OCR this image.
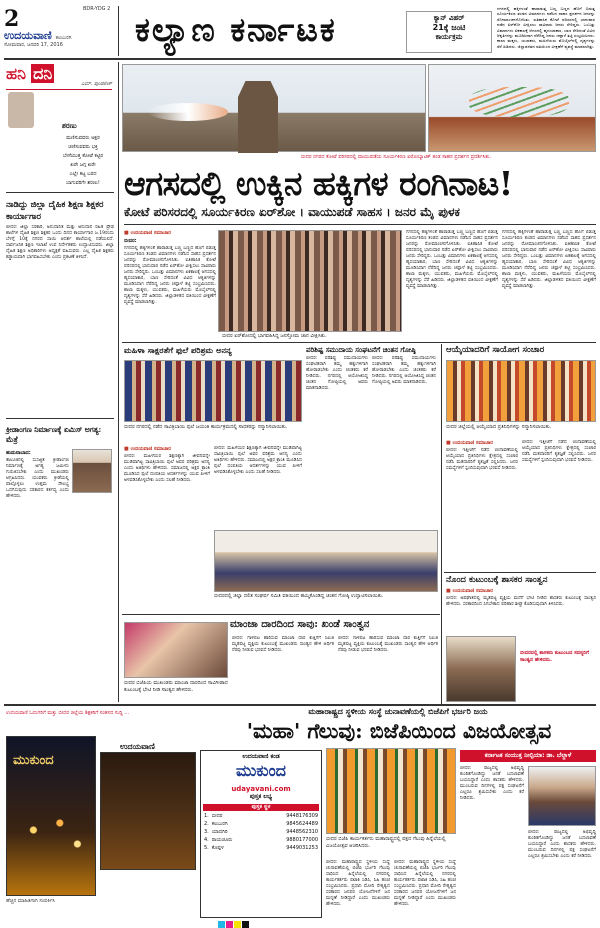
2	BDR-YDG 2
ಉದಯವಾಣಿ ಕಲಬುರಗಿ
ಸೋಮವಾರ, ಜನವರಿ 17, 2016 ಕಲ್ಯಾಣ ಕರ್ನಾಟಕ	ಕ್ಯಾನ್ ವಿಹರ್
21ಕ್ಕೆ ಜಂಟಿ
ಕಾರ್ಯಕ್ರಮ
ಗಗನದಲ್ಲಿ ಹಕ್ಕಿಗಳಂತೆ ಹಾರಾಡುತ್ತ ಬಣ್ಣ ಬಣ್ಣದ ಹೊಗೆ ಬಿಡುತ್ತ ಸೂರ್ಯಕಿರಣ ತಂಡದ ವಿಮಾನಗಳು ನಡೆಸಿದ ಸಾಹಸ ಪ್ರದರ್ಶನ ಜನರನ್ನು ರೋಮಾಂಚನಗೊಳಿಸಿತು. ಐತಿಹಾಸಿಕ ಕೋಟೆ ಪರಿಸರದಲ್ಲಿ ಭಾನುವಾರ ನಡೆದ ಏರ್‌ಶೋ ವೀಕ್ಷಿಸಲು ಸಾವಿರಾರು ಜನರು ಸೇರಿದ್ದರು. ಒಂಬತ್ತು ವಿಮಾನಗಳು ಏಕಕಾಲಕ್ಕೆ ಆಗಸದಲ್ಲಿ ಹೃದಯಾಕಾರ, ಬಾಣ ಸೇರಿದಂತೆ ವಿವಿಧ ಆಕೃತಿಗಳನ್ನು ಮೂಡಿಸಿದಾಗ ನೆರೆದಿದ್ದ ಜನರು ಚಪ್ಪಾಳೆ ತಟ್ಟಿ ಸಂಭ್ರಮಿಸಿದರು. ಶಾಲಾ ಮಕ್ಕಳು, ಯುವಕರು, ಮಹಿಳೆಯರು ಮೊಬೈಲ್‌ನಲ್ಲಿ ದೃಶ್ಯಗಳನ್ನು ಸೆರೆ ಹಿಡಿದರು. ಜಿಲ್ಲಾಡಳಿತದ ವತಿಯಿಂದ ವೀಕ್ಷಣೆಗೆ ವ್ಯವಸ್ಥೆ ಮಾಡಲಾಗಿತ್ತು.
ಹನಿ ದನಿ
ಎಮ್. ಪುಂಡಲೀಕ್
ಶರಣು
ಮಣಿಸುವವರು ಅಕ್ಷರ
ಚಣಿಸುವವರು ಭಕ್ತಿ
ಬೇಸೆಯುತ್ತ ಕೋಟೆ ಕಟ್ಟಿರ
ಖರೇ ಜಗ್ಗ ಖರೇ
ಎಲ್ಲೇ ಕಟ್ಟ ಬರದ
ಬಾಗುವರಿಗೇ ಶರಣು!
ನಾಡಿದ್ದು ಜಿಲ್ಲಾ ದೈಹಿಕ ಶಿಕ್ಷಣ ಶಿಕ್ಷಕರ ಕಾರ್ಯಾಗಾರ
ಬೀದರ: ಜಿಲ್ಲಾ ಸರಕಾರಿ, ಅನುದಾನಿತ ಮತ್ತು ಅನುದಾನ ರಹಿತ ಪ್ರೌಢ ಶಾಲೆಗಳ ದೈಹಿಕ ಶಿಕ್ಷಣ ಶಿಕ್ಷಕರ ಒಂದು ದಿನದ ಕಾರ್ಯಾಗಾರ ಜ.19ರಂದು ಬೆಳಗ್ಗೆ 10ಕ್ಕೆ ನಗರದ ಸಾಯಿ ಆದರ್ಶ ಶಾಲೆಯಲ್ಲಿ ನಡೆಯಲಿದೆ. ಸಾರ್ವಜನಿಕ ಶಿಕ್ಷಣ ಇಲಾಖೆ ಉಪ ನಿರ್ದೇಶಕರು ಉದ್ಘಾಟಿಸುವರು. ಜಿಲ್ಲಾ ದೈಹಿಕ ಶಿಕ್ಷಣ ಅಧಿಕಾರಿಗಳು ಅಧ್ಯಕ್ಷತೆ ವಹಿಸುವರು. ಎಲ್ಲ ದೈಹಿಕ ಶಿಕ್ಷಕರು ಕಡ್ಡಾಯವಾಗಿ ಭಾಗವಹಿಸಬೇಕು ಎಂದು ಪ್ರಕಟಣೆ ತಿಳಿಸಿದೆ.
ಕ್ರೀಡಾಂಗಣ ನಿರ್ಮಾಣಕ್ಕೆ ಏಮಿಸ್ ಅಗತ್ಯ: ಮೆತ್ರೆ
ಹುಮನಾಬಾದ:
ತಾಲೂಕಿನಲ್ಲಿ ಸುಸಜ್ಜಿತ ಕ್ರೀಡಾಂಗಣ ನಿರ್ಮಾಣಕ್ಕೆ ಅಗತ್ಯ ಜಮೀನು ಗುರುತಿಸಬೇಕು ಎಂದು ಮುಖಂಡರು ಆಗ್ರಹಿಸಿದರು. ಯುವಕರು ಕ್ರೀಡೆಯಲ್ಲಿ ಪಾಲ್ಗೊಳ್ಳಲು ಉತ್ತಮ ಸೌಲಭ್ಯ ಒದಗಿಸುವುದು ಸರಕಾರದ ಕರ್ತವ್ಯ ಎಂದು ಹೇಳಿದರು.
ಉದಯವಾಣಿ ಓದುಗರಿಗೆ ಮತ್ತು ಬೀದರ ಜಿಲ್ಲೆಯ ಶಿಕ್ಷಕರಿಗೆ ಸಂತಸದ ಸುದ್ದಿ ...
ಮುಕುಂದ
ಉದಯವಾಣಿ
ಹೆಚ್ಚಿನ ಮಾಹಿತಿಗಾಗಿ ಸಂಪರ್ಕಿಸಿ
ಬೀದರ ನಗರದ ಕೋಟೆ ಪರಿಸರದಲ್ಲಿ ವಾಯುಪಡೆಯ ಸೂರ್ಯಕಿರಣ ಏರೋಬ್ಯಾಟಿಕ್ ತಂಡ ಸಾಹಸ ಪ್ರದರ್ಶನ ಪ್ರದರ್ಶಿಸಿತು.
ಆಗಸದಲ್ಲಿ ಉಕ್ಕಿನ ಹಕ್ಕಿಗಳ ರಂಗಿನಾಟ!
ಕೋಟೆ ಪರಿಸರದಲ್ಲಿ ಸೂರ್ಯಕಿರಣ ಏರ್‌ಶೋ । ವಾಯುಪಡೆ ಸಾಹಸ । ಜನರ ಮೈ ಪುಳಕ
■ ಉದಯವಾಣಿ ಸಮಾಚಾರ
ಬೀದರ:
ಗಗನದಲ್ಲಿ ಹಕ್ಕಿಗಳಂತೆ ಹಾರಾಡುತ್ತ ಬಣ್ಣ ಬಣ್ಣದ ಹೊಗೆ ಬಿಡುತ್ತ ಸೂರ್ಯಕಿರಣ ತಂಡದ ವಿಮಾನಗಳು ನಡೆಸಿದ ಸಾಹಸ ಪ್ರದರ್ಶನ ಜನರನ್ನು ರೋಮಾಂಚನಗೊಳಿಸಿತು. ಐತಿಹಾಸಿಕ ಕೋಟೆ ಪರಿಸರದಲ್ಲಿ ಭಾನುವಾರ ನಡೆದ ಏರ್‌ಶೋ ವೀಕ್ಷಿಸಲು ಸಾವಿರಾರು ಜನರು ಸೇರಿದ್ದರು. ಒಂಬತ್ತು ವಿಮಾನಗಳು ಏಕಕಾಲಕ್ಕೆ ಆಗಸದಲ್ಲಿ ಹೃದಯಾಕಾರ, ಬಾಣ ಸೇರಿದಂತೆ ವಿವಿಧ ಆಕೃತಿಗಳನ್ನು ಮೂಡಿಸಿದಾಗ ನೆರೆದಿದ್ದ ಜನರು ಚಪ್ಪಾಳೆ ತಟ್ಟಿ ಸಂಭ್ರಮಿಸಿದರು. ಶಾಲಾ ಮಕ್ಕಳು, ಯುವಕರು, ಮಹಿಳೆಯರು ಮೊಬೈಲ್‌ನಲ್ಲಿ ದೃಶ್ಯಗಳನ್ನು ಸೆರೆ ಹಿಡಿದರು. ಜಿಲ್ಲಾಡಳಿತದ ವತಿಯಿಂದ ವೀಕ್ಷಣೆಗೆ ವ್ಯವಸ್ಥೆ ಮಾಡಲಾಗಿತ್ತು.
ಬೀದರ ಏರ್‌ಶೋದಲ್ಲಿ ಭಾಗವಹಿಸಿದ್ದ ಜನಸ್ತೋಮ ಚಾನ ವೀಕ್ಷಿಸಿತು.
ಗಗನದಲ್ಲಿ ಹಕ್ಕಿಗಳಂತೆ ಹಾರಾಡುತ್ತ ಬಣ್ಣ ಬಣ್ಣದ ಹೊಗೆ ಬಿಡುತ್ತ ಸೂರ್ಯಕಿರಣ ತಂಡದ ವಿಮಾನಗಳು ನಡೆಸಿದ ಸಾಹಸ ಪ್ರದರ್ಶನ ಜನರನ್ನು ರೋಮಾಂಚನಗೊಳಿಸಿತು. ಐತಿಹಾಸಿಕ ಕೋಟೆ ಪರಿಸರದಲ್ಲಿ ಭಾನುವಾರ ನಡೆದ ಏರ್‌ಶೋ ವೀಕ್ಷಿಸಲು ಸಾವಿರಾರು ಜನರು ಸೇರಿದ್ದರು. ಒಂಬತ್ತು ವಿಮಾನಗಳು ಏಕಕಾಲಕ್ಕೆ ಆಗಸದಲ್ಲಿ ಹೃದಯಾಕಾರ, ಬಾಣ ಸೇರಿದಂತೆ ವಿವಿಧ ಆಕೃತಿಗಳನ್ನು ಮೂಡಿಸಿದಾಗ ನೆರೆದಿದ್ದ ಜನರು ಚಪ್ಪಾಳೆ ತಟ್ಟಿ ಸಂಭ್ರಮಿಸಿದರು. ಶಾಲಾ ಮಕ್ಕಳು, ಯುವಕರು, ಮಹಿಳೆಯರು ಮೊಬೈಲ್‌ನಲ್ಲಿ ದೃಶ್ಯಗಳನ್ನು ಸೆರೆ ಹಿಡಿದರು. ಜಿಲ್ಲಾಡಳಿತದ ವತಿಯಿಂದ ವೀಕ್ಷಣೆಗೆ ವ್ಯವಸ್ಥೆ ಮಾಡಲಾಗಿತ್ತು.
ಗಗನದಲ್ಲಿ ಹಕ್ಕಿಗಳಂತೆ ಹಾರಾಡುತ್ತ ಬಣ್ಣ ಬಣ್ಣದ ಹೊಗೆ ಬಿಡುತ್ತ ಸೂರ್ಯಕಿರಣ ತಂಡದ ವಿಮಾನಗಳು ನಡೆಸಿದ ಸಾಹಸ ಪ್ರದರ್ಶನ ಜನರನ್ನು ರೋಮಾಂಚನಗೊಳಿಸಿತು. ಐತಿಹಾಸಿಕ ಕೋಟೆ ಪರಿಸರದಲ್ಲಿ ಭಾನುವಾರ ನಡೆದ ಏರ್‌ಶೋ ವೀಕ್ಷಿಸಲು ಸಾವಿರಾರು ಜನರು ಸೇರಿದ್ದರು. ಒಂಬತ್ತು ವಿಮಾನಗಳು ಏಕಕಾಲಕ್ಕೆ ಆಗಸದಲ್ಲಿ ಹೃದಯಾಕಾರ, ಬಾಣ ಸೇರಿದಂತೆ ವಿವಿಧ ಆಕೃತಿಗಳನ್ನು ಮೂಡಿಸಿದಾಗ ನೆರೆದಿದ್ದ ಜನರು ಚಪ್ಪಾಳೆ ತಟ್ಟಿ ಸಂಭ್ರಮಿಸಿದರು. ಶಾಲಾ ಮಕ್ಕಳು, ಯುವಕರು, ಮಹಿಳೆಯರು ಮೊಬೈಲ್‌ನಲ್ಲಿ ದೃಶ್ಯಗಳನ್ನು ಸೆರೆ ಹಿಡಿದರು. ಜಿಲ್ಲಾಡಳಿತದ ವತಿಯಿಂದ ವೀಕ್ಷಣೆಗೆ ವ್ಯವಸ್ಥೆ ಮಾಡಲಾಗಿತ್ತು.
ಮಹಿಳಾ ಸಾಕ್ಷರತೆಗೆ ಫುಲೆ ಪರಿಶ್ರಮ ಅನನ್ಯ
ಬೀದರ ನಗರದಲ್ಲಿ ನಡೆದ ಸಾವಿತ್ರಿಬಾಯಿ ಫುಲೆ ಜಯಂತಿ ಕಾರ್ಯಕ್ರಮದಲ್ಲಿ ಸಾಧಕರನ್ನು ಸನ್ಮಾನಿಸಲಾಯಿತು.
■ ಉದಯವಾಣಿ ಸಮಾಚಾರ
ಬೀದರ: ಮಹಿಳೆಯರ ಶಿಕ್ಷಣಕ್ಕಾಗಿ ಜೀವನವನ್ನೇ ಮುಡಿಪಾಗಿಟ್ಟ ಸಾವಿತ್ರಿಬಾಯಿ ಫುಲೆ ಅವರ ಪರಿಶ್ರಮ ಅನನ್ಯ ಎಂದು ಅತಿಥಿಗಳು ಹೇಳಿದರು. ಸಮಾಜದಲ್ಲಿ ಅಕ್ಷರ ಕ್ರಾಂತಿ ಮೂಡಿಸಿದ ಫುಲೆ ದಂಪತಿಯ ಆದರ್ಶಗಳನ್ನು ಯುವ ಪೀಳಿಗೆ ಅಳವಡಿಸಿಕೊಳ್ಳಬೇಕು ಎಂದು ಸಲಹೆ ನೀಡಿದರು.
ಬೀದರ: ಮಹಿಳೆಯರ ಶಿಕ್ಷಣಕ್ಕಾಗಿ ಜೀವನವನ್ನೇ ಮುಡಿಪಾಗಿಟ್ಟ ಸಾವಿತ್ರಿಬಾಯಿ ಫುಲೆ ಅವರ ಪರಿಶ್ರಮ ಅನನ್ಯ ಎಂದು ಅತಿಥಿಗಳು ಹೇಳಿದರು. ಸಮಾಜದಲ್ಲಿ ಅಕ್ಷರ ಕ್ರಾಂತಿ ಮೂಡಿಸಿದ ಫುಲೆ ದಂಪತಿಯ ಆದರ್ಶಗಳನ್ನು ಯುವ ಪೀಳಿಗೆ ಅಳವಡಿಸಿಕೊಳ್ಳಬೇಕು ಎಂದು ಸಲಹೆ ನೀಡಿದರು.
ಪರಿಶಿಷ್ಟ ಸಮುದಾಯ ಸಂಘಟನೆಗೆ ಚಿಂತನ ಗೋಷ್ಠಿ
ಬೀದರ: ಪರಿಶಿಷ್ಟ ಸಮುದಾಯಗಳು ಸಂಘಟಿತರಾಗಿ ತಮ್ಮ ಹಕ್ಕುಗಳಿಗಾಗಿ ಹೋರಾಡಬೇಕು ಎಂದು ಚಿಂತಕರು ಕರೆ ನೀಡಿದರು. ನಗರದಲ್ಲಿ ಆಯೋಜಿಸಿದ್ದ ಚಿಂತನ ಗೋಷ್ಠಿಯಲ್ಲಿ ಅವರು ಮಾತನಾಡಿದರು.
ಬೀದರ: ಪರಿಶಿಷ್ಟ ಸಮುದಾಯಗಳು ಸಂಘಟಿತರಾಗಿ ತಮ್ಮ ಹಕ್ಕುಗಳಿಗಾಗಿ ಹೋರಾಡಬೇಕು ಎಂದು ಚಿಂತಕರು ಕರೆ ನೀಡಿದರು. ನಗರದಲ್ಲಿ ಆಯೋಜಿಸಿದ್ದ ಚಿಂತನ ಗೋಷ್ಠಿಯಲ್ಲಿ ಅವರು ಮಾತನಾಡಿದರು.
ಬೀದರದಲ್ಲಿ ಜಿಲ್ಲಾ ದಲಿತ ಸಂಘರ್ಷ ಸಮಿತಿ ವತಿಯಿಂದ ಹಮ್ಮಿಕೊಂಡಿದ್ದ ಚಿಂತನ ಗೋಷ್ಠಿ ಉದ್ಘಾಟಿಸಲಾಯಿತು.
ಮಾಂಜಾ ದಾರದಿಂದ ಸಾವು: ಖಂಡೆ ಸಾಂತ್ವನ
ಬೀದರ ಬಿಜೆಪಿಯ ಮುಖಂಡರು ಮಾಂಜಾ ದಾರದಿಂದ ಸಾವಿಗೀಡಾದ ಕುಟುಂಬಕ್ಕೆ ಭೇಟಿ ನೀಡಿ ಸಾಂತ್ವನ ಹೇಳಿದರು.
ಬೀದರ: ಗಾಳಿಪಟ ಹಾರಿಸುವ ಮಾಂಜಾ ದಾರ ಕುತ್ತಿಗೆಗೆ ಸಿಲುಕಿ ಮೃತಪಟ್ಟ ವ್ಯಕ್ತಿಯ ಕುಟುಂಬಕ್ಕೆ ಮುಖಂಡರು ಸಾಂತ್ವನ ಹೇಳಿ ಆರ್ಥಿಕ ನೆರವು ನೀಡುವ ಭರವಸೆ ನೀಡಿದರು.
ಬೀದರ: ಗಾಳಿಪಟ ಹಾರಿಸುವ ಮಾಂಜಾ ದಾರ ಕುತ್ತಿಗೆಗೆ ಸಿಲುಕಿ ಮೃತಪಟ್ಟ ವ್ಯಕ್ತಿಯ ಕುಟುಂಬಕ್ಕೆ ಮುಖಂಡರು ಸಾಂತ್ವನ ಹೇಳಿ ಆರ್ಥಿಕ ನೆರವು ನೀಡುವ ಭರವಸೆ ನೀಡಿದರು.
ಆಯ್ಕೆಯಾದರಿಗೆ ಸಾಯೋಗ ಸಂಚಾರ
ಬೀದರ ಜಿಲ್ಲೆಯಲ್ಲಿ ಆಯ್ಕೆಯಾದ ಪ್ರತಿನಿಧಿಗಳನ್ನು ಸನ್ಮಾನಿಸಲಾಯಿತು.
■ ಉದಯವಾಣಿ ಸಮಾಚಾರ
ಬೀದರ: ಇತ್ತೀಚೆಗೆ ನಡೆದ ಚುನಾವಣೆಯಲ್ಲಿ ಆಯ್ಕೆಯಾದ ಪ್ರತಿನಿಧಿಗಳು ಕ್ಷೇತ್ರದಲ್ಲಿ ಸಂಚಾರ ನಡೆಸಿ ಮತದಾರರಿಗೆ ಕೃತಜ್ಞತೆ ಸಲ್ಲಿಸಿದರು. ಜನರ ಸಮಸ್ಯೆಗಳಿಗೆ ಸ್ಪಂದಿಸುವುದಾಗಿ ಭರವಸೆ ನೀಡಿದರು.
ಬೀದರ: ಇತ್ತೀಚೆಗೆ ನಡೆದ ಚುನಾವಣೆಯಲ್ಲಿ ಆಯ್ಕೆಯಾದ ಪ್ರತಿನಿಧಿಗಳು ಕ್ಷೇತ್ರದಲ್ಲಿ ಸಂಚಾರ ನಡೆಸಿ ಮತದಾರರಿಗೆ ಕೃತಜ್ಞತೆ ಸಲ್ಲಿಸಿದರು. ಜನರ ಸಮಸ್ಯೆಗಳಿಗೆ ಸ್ಪಂದಿಸುವುದಾಗಿ ಭರವಸೆ ನೀಡಿದರು.
ನೊಂದ ಕುಟುಂಬಕ್ಕೆ ಶಾಸಕರ ಸಾಂತ್ವನ
■ ಉದಯವಾಣಿ ಸಮಾಚಾರ
ಬೀದರ: ಅಪಘಾತದಲ್ಲಿ ಮೃತಪಟ್ಟ ವ್ಯಕ್ತಿಯ ಮನೆಗೆ ಭೇಟಿ ನೀಡಿದ ಶಾಸಕರು ಕುಟುಂಬಕ್ಕೆ ಸಾಂತ್ವನ ಹೇಳಿದರು. ಸರಕಾರದಿಂದ ಸಿಗಬೇಕಾದ ಪರಿಹಾರ ಶೀಘ್ರ ಕೊಡಿಸುವುದಾಗಿ ತಿಳಿಸಿದರು.
ಬೀದರದಲ್ಲಿ ಶಾಸಕರು ಕುಟುಂಬದ ಸದಸ್ಯರಿಗೆ ಸಾಂತ್ವನ ಹೇಳಿದರು.
ಮಹಾರಾಷ್ಟ್ರದ ಸ್ಥಳೀಯ ಸಂಸ್ಥೆ ಚುನಾವಣೆಯಲ್ಲಿ ಬಿಜೆಪಿಗೆ ಭರ್ಜರಿ ಜಯ
'ಮಹಾ' ಗೆಲುವು: ಬಿಜೆಪಿಯಿಂದ ವಿಜಯೋತ್ಸವ
ಉದಯವಾಣಿ ಕಂಡ
ಮುಕುಂದ
udayavani.com
ಪುಸ್ತಕ ಲಭ್ಯ
ಪುಸ್ತಕ ಸ್ಥಳ
1. ಬೀದರ	9448176309
2. ಕಲಬುರಗಿ	9845624489
3. ಯಾದಗಿರಿ	9448562310
4. ರಾಯಚೂರು	9880177000
5. ಕೊಪ್ಪಳ	9449031253
ಬೀದರ ಬಿಜೆಪಿ ಕಾರ್ಯಕರ್ತರು ಮಹಾರಾಷ್ಟ್ರದಲ್ಲಿ ಪಕ್ಷದ ಗೆಲುವು ಹಿನ್ನೆಲೆಯಲ್ಲಿ ವಿಜಯೋತ್ಸವ ಆಚರಿಸಿದರು.
ಬೀದರ: ಮಹಾರಾಷ್ಟ್ರದ ಸ್ಥಳೀಯ ಸಂಸ್ಥೆ ಚುನಾವಣೆಯಲ್ಲಿ ಬಿಜೆಪಿ ಭರ್ಜರಿ ಗೆಲುವು ಸಾಧಿಸಿದ ಹಿನ್ನೆಲೆಯಲ್ಲಿ ನಗರದಲ್ಲಿ ಕಾರ್ಯಕರ್ತರು ಪಟಾಕಿ ಸಿಡಿಸಿ, ಸಿಹಿ ಹಂಚಿ ಸಂಭ್ರಮಿಸಿದರು. ಪ್ರಧಾನಿ ಮೋದಿ ನೇತೃತ್ವದ ಸರಕಾರದ ಜನಪರ ಯೋಜನೆಗಳಿಗೆ ಜನ ಮನ್ನಣೆ ನೀಡಿದ್ದಾರೆ ಎಂದು ಮುಖಂಡರು ಹೇಳಿದರು.
ಬೀದರ: ಮಹಾರಾಷ್ಟ್ರದ ಸ್ಥಳೀಯ ಸಂಸ್ಥೆ ಚುನಾವಣೆಯಲ್ಲಿ ಬಿಜೆಪಿ ಭರ್ಜರಿ ಗೆಲುವು ಸಾಧಿಸಿದ ಹಿನ್ನೆಲೆಯಲ್ಲಿ ನಗರದಲ್ಲಿ ಕಾರ್ಯಕರ್ತರು ಪಟಾಕಿ ಸಿಡಿಸಿ, ಸಿಹಿ ಹಂಚಿ ಸಂಭ್ರಮಿಸಿದರು. ಪ್ರಧಾನಿ ಮೋದಿ ನೇತೃತ್ವದ ಸರಕಾರದ ಜನಪರ ಯೋಜನೆಗಳಿಗೆ ಜನ ಮನ್ನಣೆ ನೀಡಿದ್ದಾರೆ ಎಂದು ಮುಖಂಡರು ಹೇಳಿದರು.
ಕರ್ನಾಟಕ ಸಂಯುಕ್ತ ನೀಲ್ಪಿಯಾ: ಡಾ. ಬೆಲ್ದಾಳೆ
ಬೀದರ: ರಾಜ್ಯದಲ್ಲಿ ಅಭಿವೃದ್ಧಿ ಕುಂಠಿತಗೊಂಡಿದ್ದು ಜನತೆ ಬದಲಾವಣೆ ಬಯಸಿದ್ದಾರೆ ಎಂದು ಶಾಸಕರು ಹೇಳಿದರು. ಮುಂಬರುವ ದಿನಗಳಲ್ಲಿ ಪಕ್ಷ ಸಂಘಟನೆಗೆ ಎಲ್ಲರೂ ಶ್ರಮಿಸಬೇಕು ಎಂದು ಕರೆ ನೀಡಿದರು.
ಬೀದರ: ರಾಜ್ಯದಲ್ಲಿ ಅಭಿವೃದ್ಧಿ ಕುಂಠಿತಗೊಂಡಿದ್ದು ಜನತೆ ಬದಲಾವಣೆ ಬಯಸಿದ್ದಾರೆ ಎಂದು ಶಾಸಕರು ಹೇಳಿದರು. ಮುಂಬರುವ ದಿನಗಳಲ್ಲಿ ಪಕ್ಷ ಸಂಘಟನೆಗೆ ಎಲ್ಲರೂ ಶ್ರಮಿಸಬೇಕು ಎಂದು ಕರೆ ನೀಡಿದರು.
